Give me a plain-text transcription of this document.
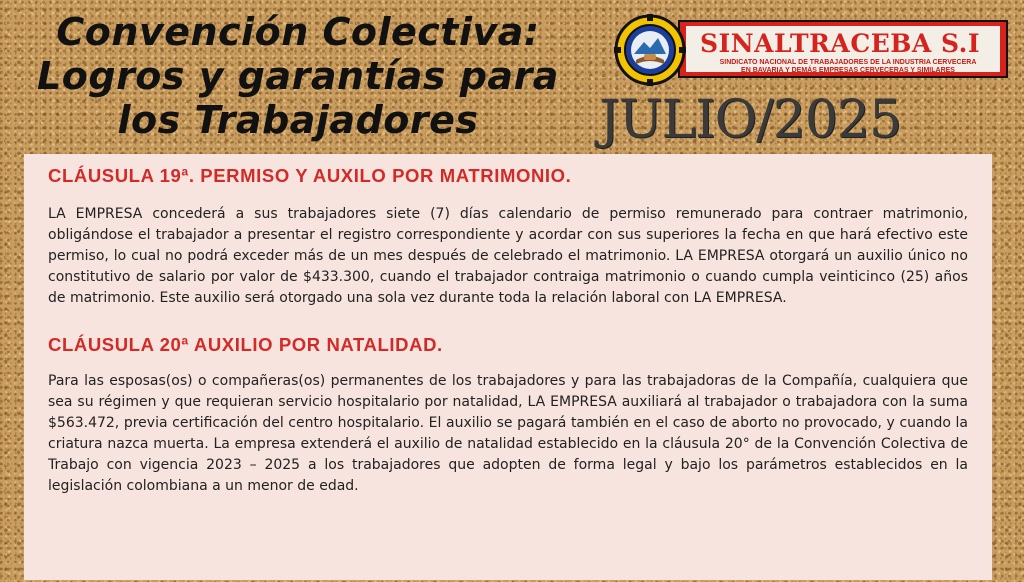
Convención Colectiva:
Logros y garantías para
los Trabajadores
SINALTRACEBA S.I
SINDICATO NACIONAL DE TRABAJADORES DE LA INDUSTRIA CERVECERA
EN BAVARIA Y DEMÁS EMPRESAS CERVECERAS Y SIMILARES
JULIO/2025
CLÁUSULA 19ª. PERMISO Y AUXILO POR MATRIMONIO.

LA EMPRESA concederá a sus trabajadores siete (7) días calendario de permiso remunerado para contraer matrimonio, obligándose el trabajador a presentar el registro correspondiente y acordar con sus superiores la fecha en que hará efectivo este permiso, lo cual no podrá exceder más de un mes después de celebrado el matrimonio. LA EMPRESA otorgará un auxilio único no constitutivo de salario por valor de $433.300, cuando el trabajador contraiga matrimonio o cuando cumpla veinticinco (25) años de matrimonio. Este auxilio será otorgado una sola vez durante toda la relación laboral con LA EMPRESA.

CLÁUSULA 20ª AUXILIO POR NATALIDAD.

Para las esposas(os) o compañeras(os) permanentes de los trabajadores y para las trabajadoras de la Compañía, cualquiera que sea su régimen y que requieran servicio hospitalario por natalidad, LA EMPRESA auxiliará al trabajador o trabajadora con la suma $563.472, previa certificación del centro hospitalario. El auxilio se pagará también en el caso de aborto no provocado, y cuando la criatura nazca muerta. La empresa extenderá el auxilio de natalidad establecido en la cláusula 20° de la Convención Colectiva de Trabajo con vigencia 2023 – 2025 a los trabajadores que adopten de forma legal y bajo los parámetros establecidos en la legislación colombiana a un menor de edad.
